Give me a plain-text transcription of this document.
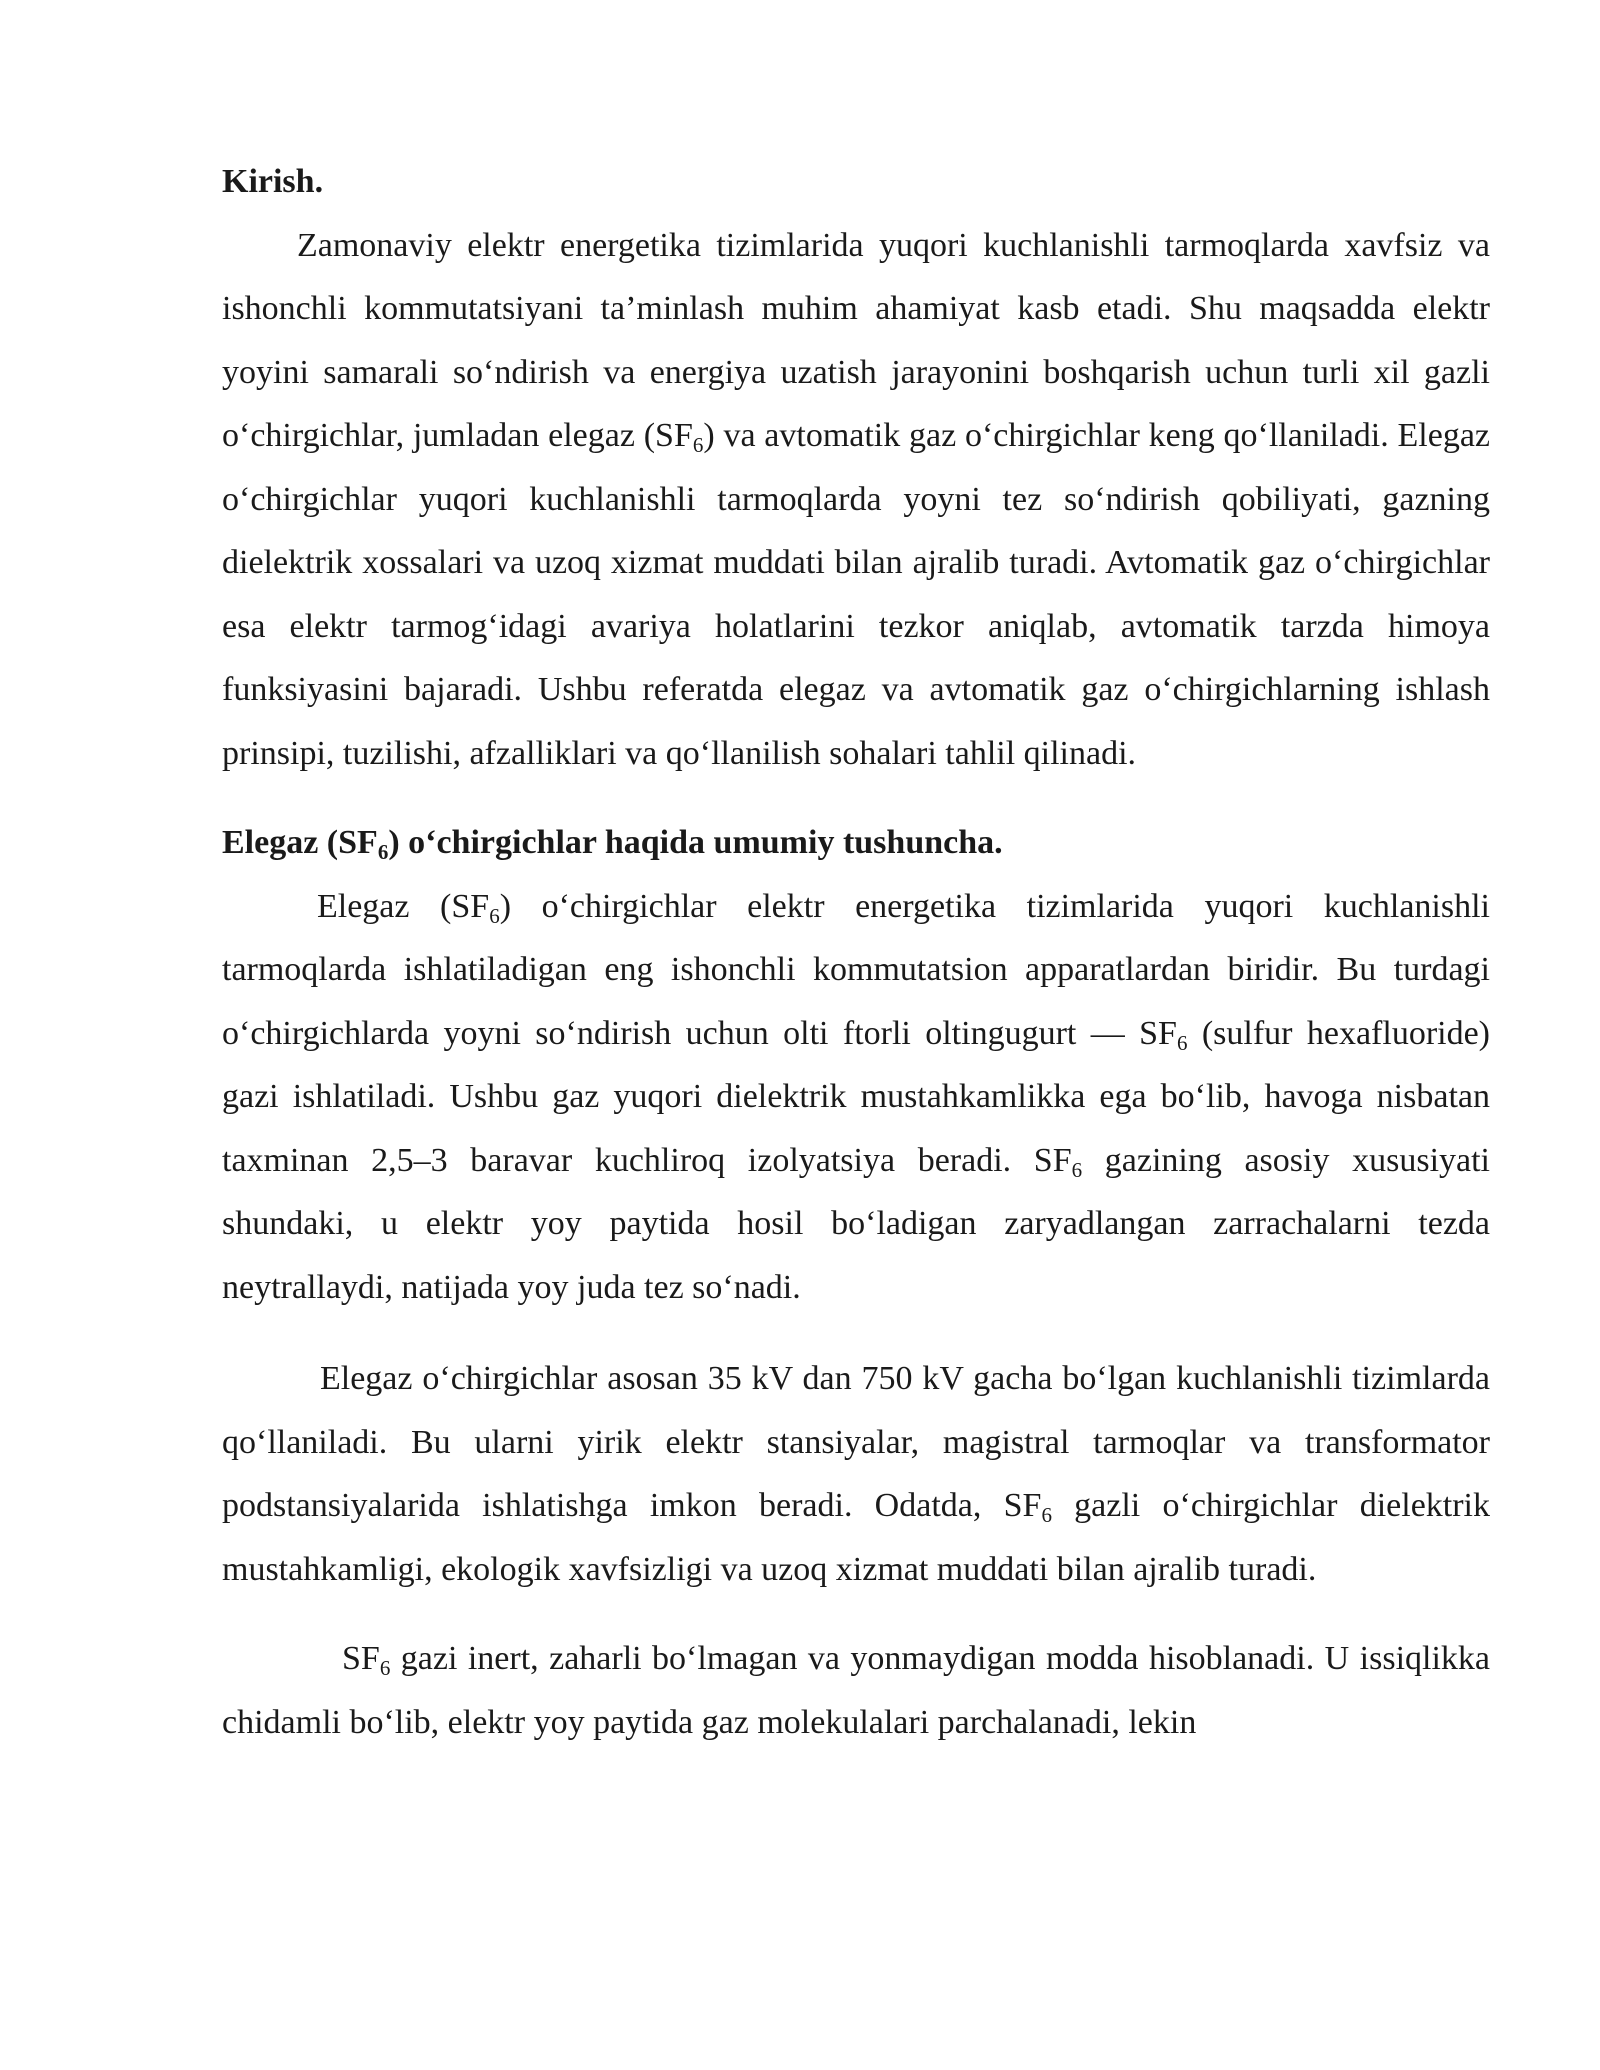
Kirish.

Zamonaviy elektr energetika tizimlarida yuqori kuchlanishli tarmoqlarda xavfsiz va ishonchli kommutatsiyani ta’minlash muhim ahamiyat kasb etadi. Shu maqsadda elektr yoyini samarali so‘ndirish va energiya uzatish jarayonini boshqarish uchun turli xil gazli o‘chirgichlar, jumladan elegaz $(SF_6)$ va avtomatik gaz o‘chirgichlar keng qo‘llaniladi. Elegaz o‘chirgichlar yuqori kuchlanishli tarmoqlarda yoyni tez so‘ndirish qobiliyati, gazning dielektrik xossalari va uzoq xizmat muddati bilan ajralib turadi. Avtomatik gaz o‘chirgichlar esa elektr tarmog‘idagi avariya holatlarini tezkor aniqlab, avtomatik tarzda himoya funksiyasini bajaradi. Ushbu referatda elegaz va avtomatik gaz o‘chirgichlarning ishlash prinsipi, tuzilishi, afzalliklari va qo‘llanilish sohalari tahlil qilinadi.

Elegaz $(SF_6)$ o‘chirgichlar haqida umumiy tushuncha.

Elegaz $(SF_6)$ o‘chirgichlar elektr energetika tizimlarida yuqori kuchlanishli tarmoqlarda ishlatiladigan eng ishonchli kommutatsion apparatlardan biridir. Bu turdagi o‘chirgichlarda yoyni so‘ndirish uchun olti ftorli oltingugurt — $SF_6$ (sulfur hexafluoride) gazi ishlatiladi. Ushbu gaz yuqori dielektrik mustahkamlikka ega bo‘lib, havoga nisbatan taxminan 2,5–3 baravar kuchliroq izolyatsiya beradi. $SF_6$ gazining asosiy xususiyati shundaki, u elektr yoy paytida hosil bo‘ladigan zaryadlangan zarrachalarni tezda neytrallaydi, natijada yoy juda tez so‘nadi.

Elegaz o‘chirgichlar asosan 35 kV dan 750 kV gacha bo‘lgan kuchlanishli tizimlarda qo‘llaniladi. Bu ularni yirik elektr stansiyalar, magistral tarmoqlar va transformator podstansiyalarida ishlatishga imkon beradi. Odatda, $SF_6$ gazli o‘chirgichlar dielektrik mustahkamligi, ekologik xavfsizligi va uzoq xizmat muddati bilan ajralib turadi.

$SF_6$ gazi inert, zaharli bo‘lmagan va yonmaydigan modda hisoblanadi. U issiqlikka chidamli bo‘lib, elektr yoy paytida gaz molekulalari parchalanadi, lekin
